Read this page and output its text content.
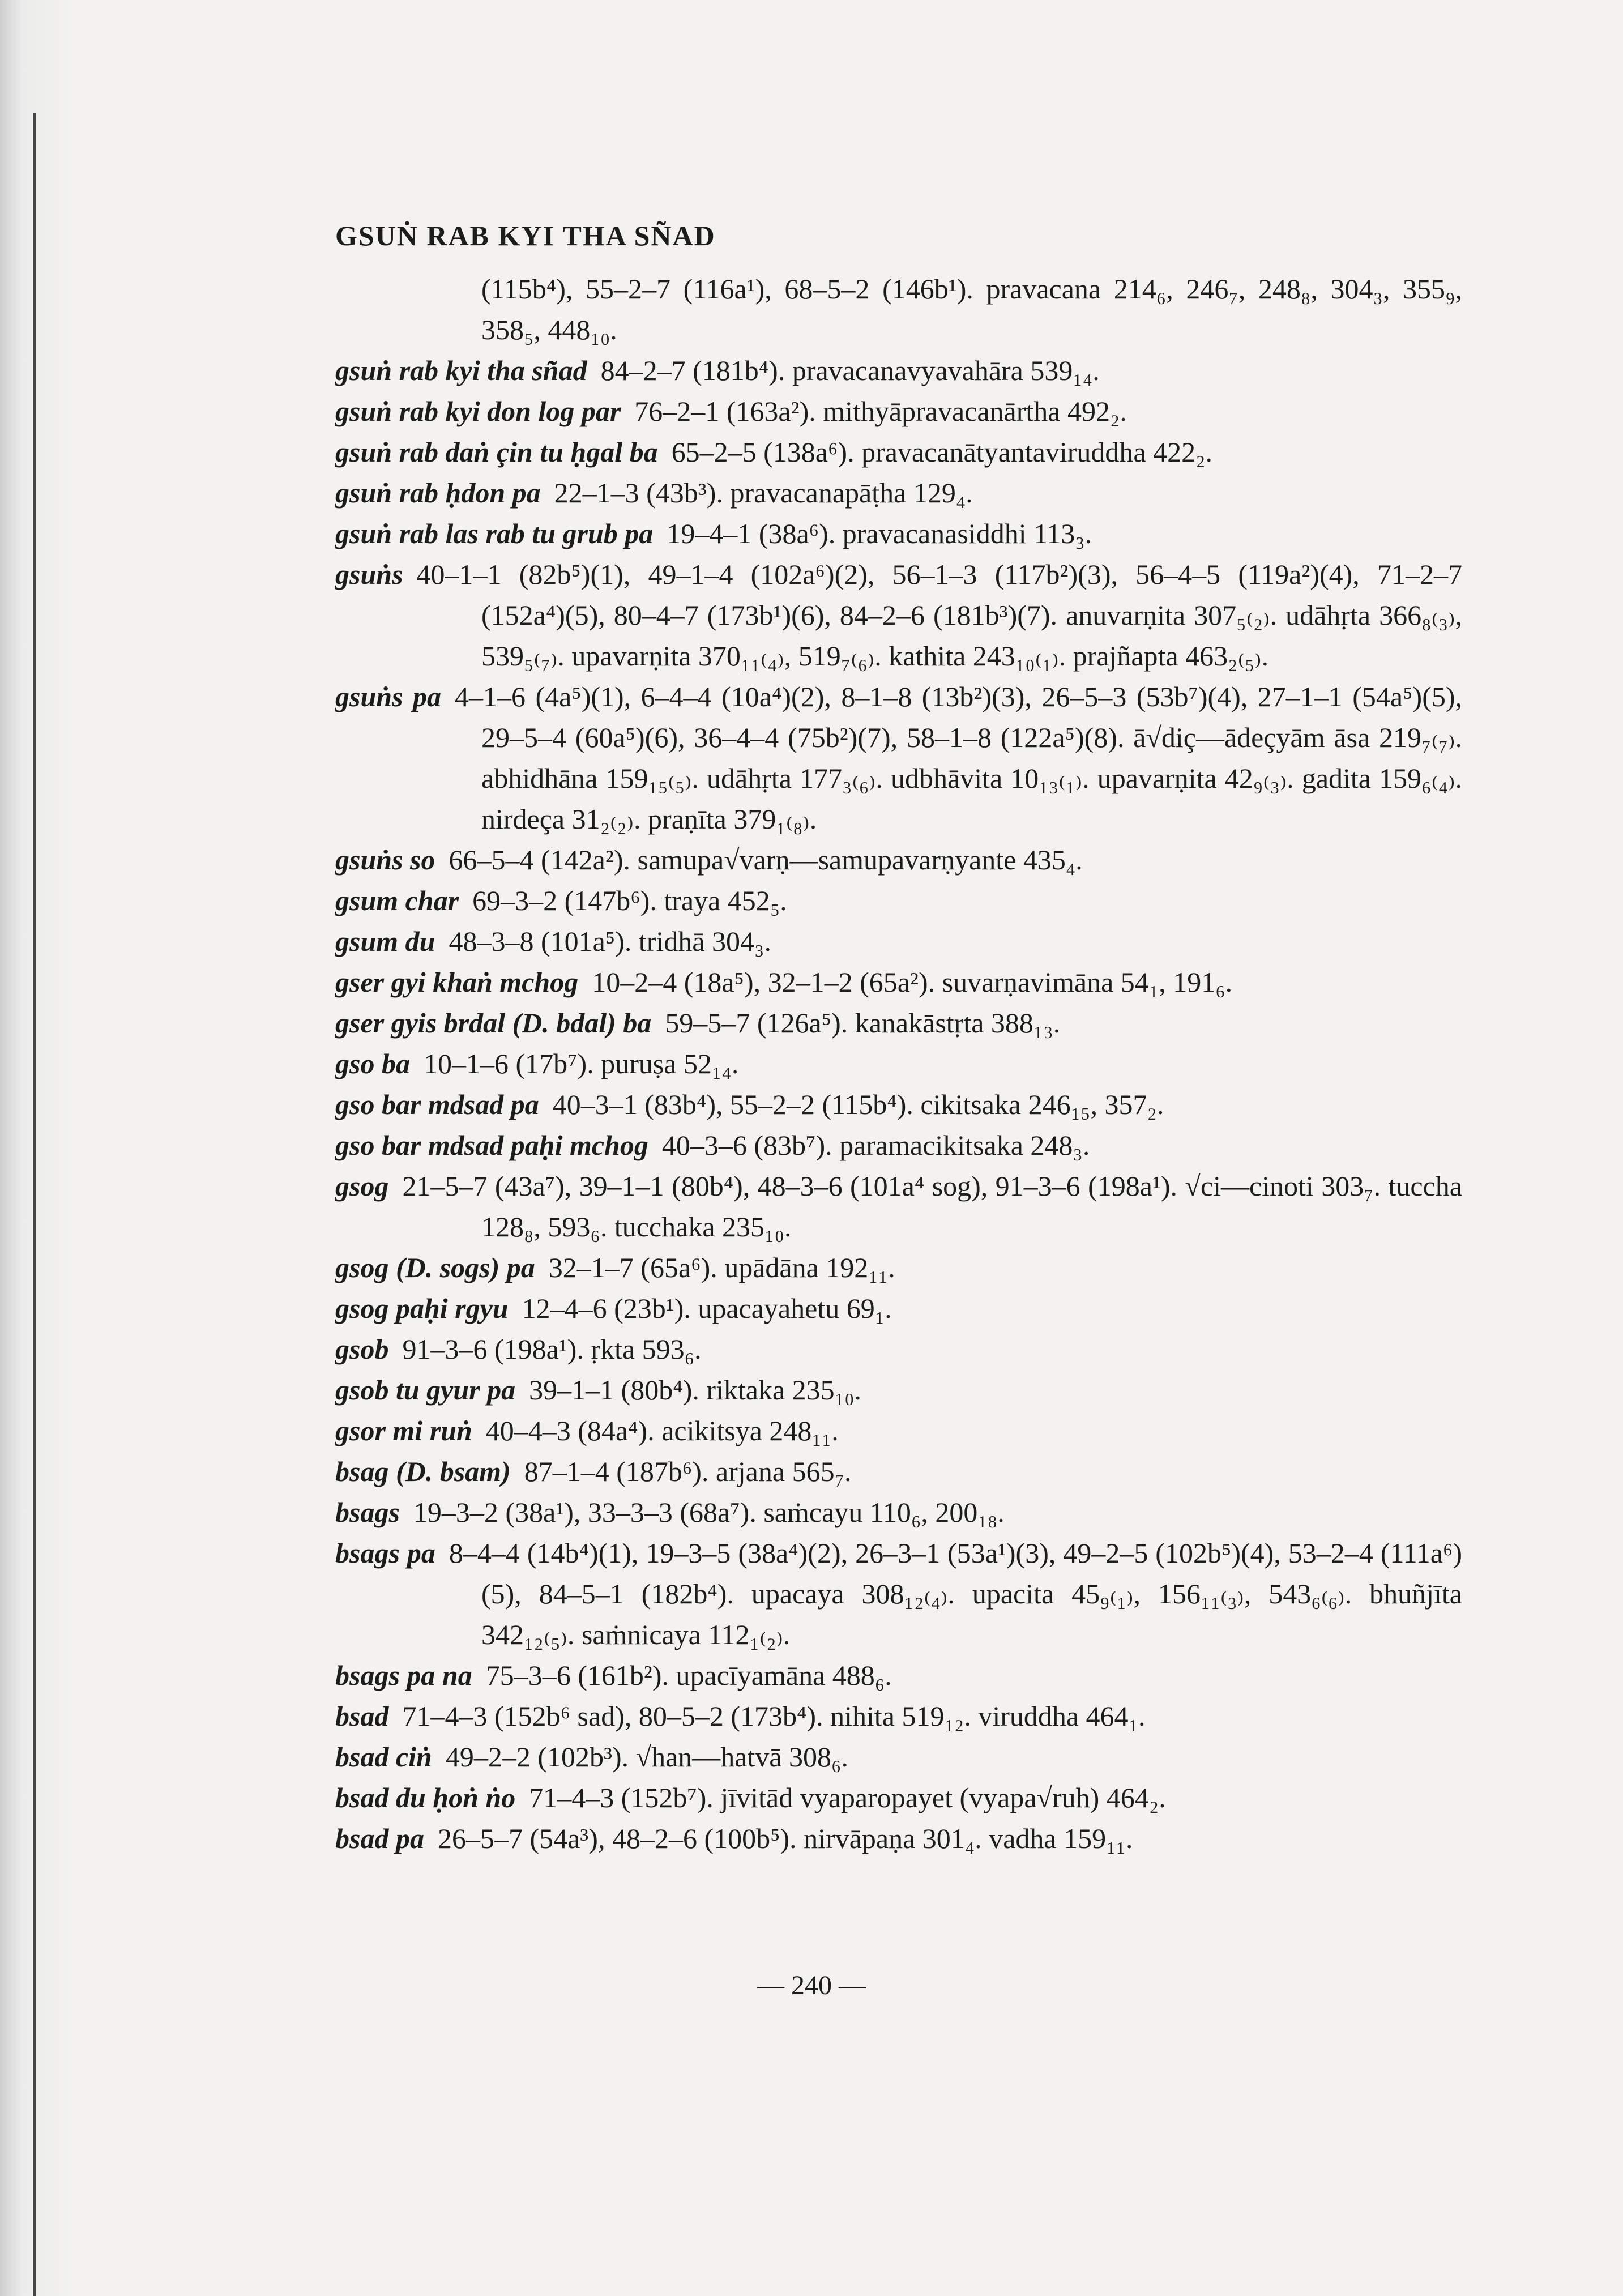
GSUṄ RAB KYI THA SÑAD
(115b⁴), 55–2–7 (116a¹), 68–5–2 (146b¹). pravacana 214₆, 246₇, 248₈, 304₃, 355₉, 358₅, 448₁₀.
gsuṅ rab kyi tha sñad 84–2–7 (181b⁴). pravacanavyavahāra 539₁₄.
gsuṅ rab kyi don log par 76–2–1 (163a²). mithyāpravacanārtha 492₂.
gsuṅ rab daṅ çin tu ḥgal ba 65–2–5 (138a⁶). pravacanātyantaviruddha 422₂.
gsuṅ rab ḥdon pa 22–1–3 (43b³). pravacanapāṭha 129₄.
gsuṅ rab las rab tu grub pa 19–4–1 (38a⁶). pravacanasiddhi 113₃.
gsuṅs 40–1–1 (82b⁵)(1), 49–1–4 (102a⁶)(2), 56–1–3 (117b²)(3), 56–4–5 (119a²)(4), 71–2–7 (152a⁴)(5), 80–4–7 (173b¹)(6), 84–2–6 (181b³)(7). anuvarṇita 307₅₍₂₎. udāhṛta 366₈₍₃₎, 539₅₍₇₎. upavarṇita 370₁₁₍₄₎, 519₇₍₆₎. kathita 243₁₀₍₁₎. prajñapta 463₂₍₅₎.
gsuṅs pa 4–1–6 (4a⁵)(1), 6–4–4 (10a⁴)(2), 8–1–8 (13b²)(3), 26–5–3 (53b⁷)(4), 27–1–1 (54a⁵)(5), 29–5–4 (60a⁵)(6), 36–4–4 (75b²)(7), 58–1–8 (122a⁵)(8). ā√diç—ādeçyām āsa 219₇₍₇₎. abhidhāna 159₁₅₍₅₎. udāhṛta 177₃₍₆₎. udbhāvita 10₁₃₍₁₎. upavarṇita 42₉₍₃₎. gadita 159₆₍₄₎. nirdeça 31₂₍₂₎. praṇīta 379₁₍₈₎.
gsuṅs so 66–5–4 (142a²). samupa√varṇ—samupavarṇyante 435₄.
gsum char 69–3–2 (147b⁶). traya 452₅.
gsum du 48–3–8 (101a⁵). tridhā 304₃.
gser gyi khaṅ mchog 10–2–4 (18a⁵), 32–1–2 (65a²). suvarṇavimāna 54₁, 191₆.
gser gyis brdal (D. bdal) ba 59–5–7 (126a⁵). kanakāstṛta 388₁₃.
gso ba 10–1–6 (17b⁷). puruṣa 52₁₄.
gso bar mdsad pa 40–3–1 (83b⁴), 55–2–2 (115b⁴). cikitsaka 246₁₅, 357₂.
gso bar mdsad paḥi mchog 40–3–6 (83b⁷). paramacikitsaka 248₃.
gsog 21–5–7 (43a⁷), 39–1–1 (80b⁴), 48–3–6 (101a⁴ sog), 91–3–6 (198a¹). √ci—cinoti 303₇. tuccha 128₈, 593₆. tucchaka 235₁₀.
gsog (D. sogs) pa 32–1–7 (65a⁶). upādāna 192₁₁.
gsog paḥi rgyu 12–4–6 (23b¹). upacayahetu 69₁.
gsob 91–3–6 (198a¹). ṛkta 593₆.
gsob tu gyur pa 39–1–1 (80b⁴). riktaka 235₁₀.
gsor mi ruṅ 40–4–3 (84a⁴). acikitsya 248₁₁.
bsag (D. bsam) 87–1–4 (187b⁶). arjana 565₇.
bsags 19–3–2 (38a¹), 33–3–3 (68a⁷). saṁcayu 110₆, 200₁₈.
bsags pa 8–4–4 (14b⁴)(1), 19–3–5 (38a⁴)(2), 26–3–1 (53a¹)(3), 49–2–5 (102b⁵)(4), 53–2–4 (111a⁶)(5), 84–5–1 (182b⁴). upacaya 308₁₂₍₄₎. upacita 45₉₍₁₎, 156₁₁₍₃₎, 543₆₍₆₎. bhuñjīta 342₁₂₍₅₎. saṁnicaya 112₁₍₂₎.
bsags pa na 75–3–6 (161b²). upacīyamāna 488₆.
bsad 71–4–3 (152b⁶ sad), 80–5–2 (173b⁴). nihita 519₁₂. viruddha 464₁.
bsad ciṅ 49–2–2 (102b³). √han—hatvā 308₆.
bsad du ḥoṅ ṅo 71–4–3 (152b⁷). jīvitād vyaparopayet (vyapa√ruh) 464₂.
bsad pa 26–5–7 (54a³), 48–2–6 (100b⁵). nirvāpaṇa 301₄. vadha 159₁₁.
— 240 —
